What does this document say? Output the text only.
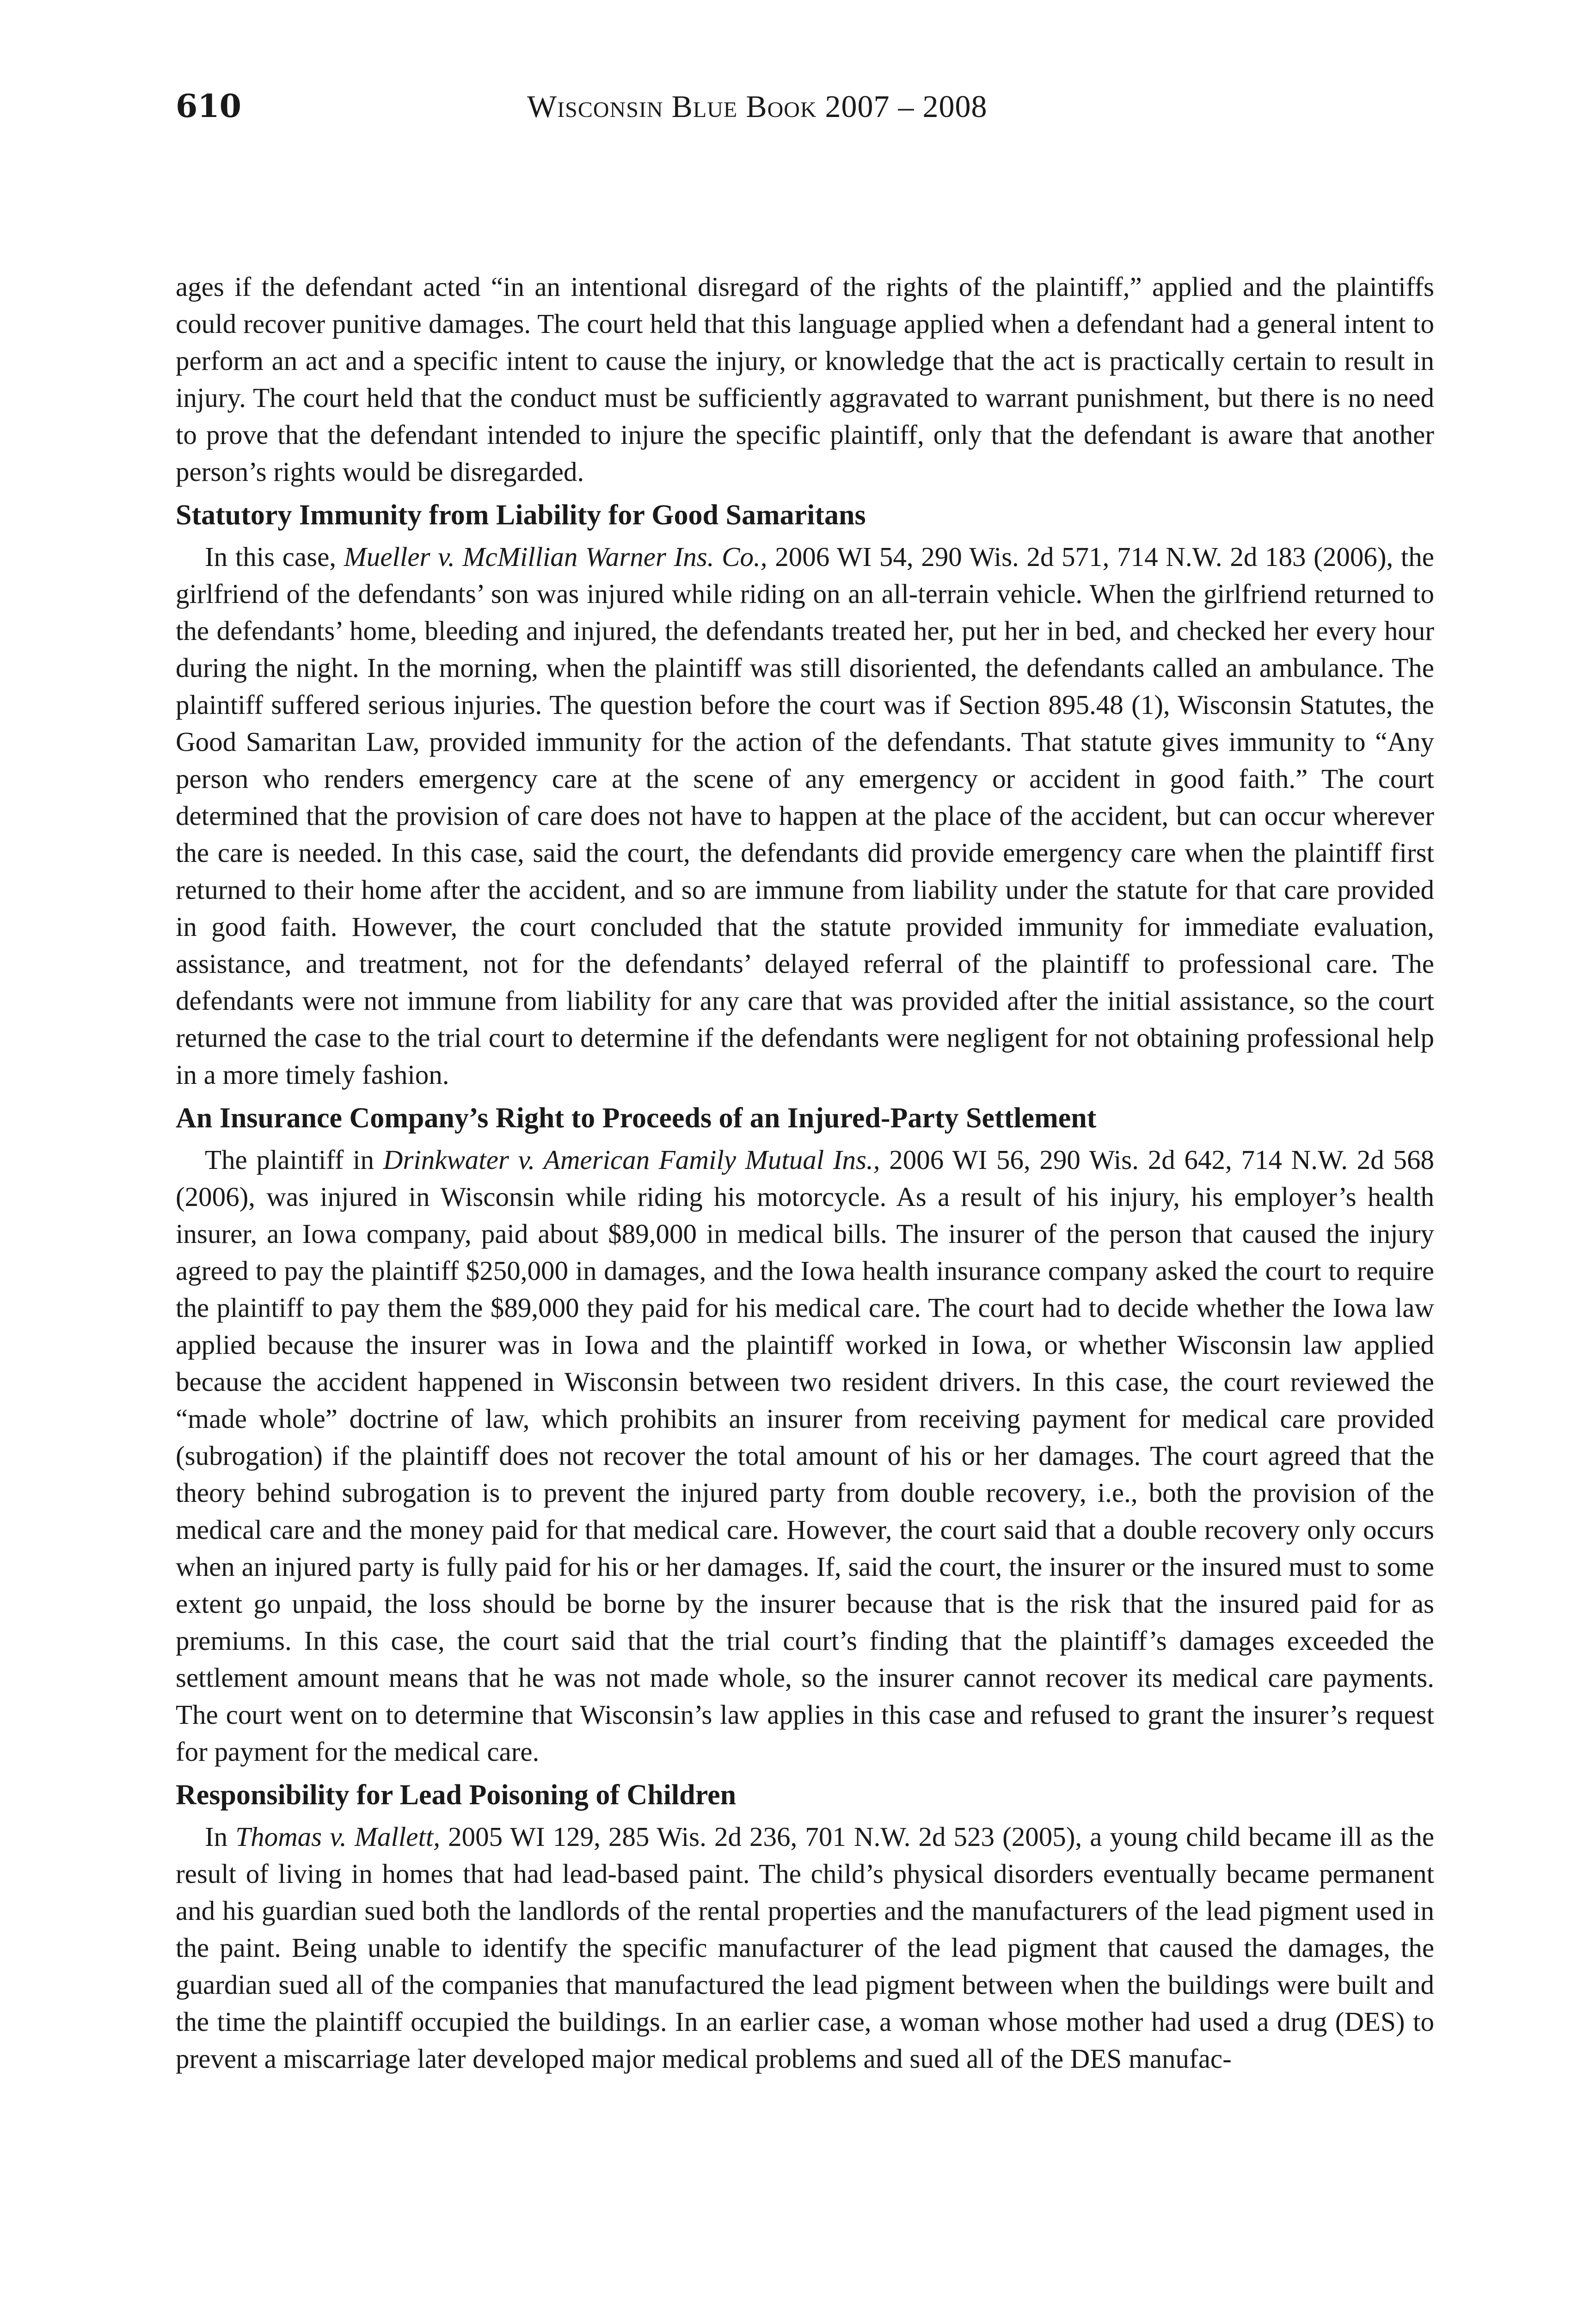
610	Wisconsin Blue Book 2007 – 2008

ages if the defendant acted “in an intentional disregard of the rights of the plaintiff,” applied and the plaintiffs could recover punitive damages. The court held that this language applied when a defendant had a general intent to perform an act and a specific intent to cause the injury, or knowledge that the act is practically certain to result in injury. The court held that the conduct must be sufficiently aggravated to warrant punishment, but there is no need to prove that the defendant intended to injure the specific plaintiff, only that the defendant is aware that another person’s rights would be disregarded.

Statutory Immunity from Liability for Good Samaritans

In this case, Mueller v. McMillian Warner Ins. Co., 2006 WI 54, 290 Wis. 2d 571, 714 N.W. 2d 183 (2006), the girlfriend of the defendants’ son was injured while riding on an all-terrain vehicle. When the girlfriend returned to the defendants’ home, bleeding and injured, the defendants treated her, put her in bed, and checked her every hour during the night. In the morning, when the plaintiff was still disoriented, the defendants called an ambulance. The plaintiff suffered serious injuries. The question before the court was if Section 895.48 (1), Wisconsin Statutes, the Good Samaritan Law, provided immunity for the action of the defendants. That statute gives immunity to “Any person who renders emergency care at the scene of any emergency or accident in good faith.” The court determined that the provision of care does not have to happen at the place of the accident, but can occur wherever the care is needed. In this case, said the court, the defendants did provide emergency care when the plaintiff first returned to their home after the accident, and so are immune from liability under the statute for that care provided in good faith. However, the court concluded that the statute provided immunity for immediate evaluation, assistance, and treatment, not for the defendants’ delayed referral of the plaintiff to professional care. The defendants were not immune from liability for any care that was provided after the initial assistance, so the court returned the case to the trial court to determine if the defendants were negligent for not obtaining professional help in a more timely fashion.

An Insurance Company’s Right to Proceeds of an Injured-Party Settlement

The plaintiff in Drinkwater v. American Family Mutual Ins., 2006 WI 56, 290 Wis. 2d 642, 714 N.W. 2d 568 (2006), was injured in Wisconsin while riding his motorcycle. As a result of his injury, his employer’s health insurer, an Iowa company, paid about $89,000 in medical bills. The insurer of the person that caused the injury agreed to pay the plaintiff $250,000 in damages, and the Iowa health insurance company asked the court to require the plaintiff to pay them the $89,000 they paid for his medical care. The court had to decide whether the Iowa law applied because the insurer was in Iowa and the plaintiff worked in Iowa, or whether Wisconsin law applied because the accident happened in Wisconsin between two resident drivers. In this case, the court reviewed the “made whole” doctrine of law, which prohibits an insurer from receiving payment for medical care provided (subrogation) if the plaintiff does not recover the total amount of his or her damages. The court agreed that the theory behind subrogation is to prevent the injured party from double recovery, i.e., both the provision of the medical care and the money paid for that medical care. However, the court said that a double recovery only occurs when an injured party is fully paid for his or her damages. If, said the court, the insurer or the insured must to some extent go unpaid, the loss should be borne by the insurer because that is the risk that the insured paid for as premiums. In this case, the court said that the trial court’s finding that the plaintiff’s damages exceeded the settlement amount means that he was not made whole, so the insurer cannot recover its medical care payments. The court went on to determine that Wisconsin’s law applies in this case and refused to grant the insurer’s request for payment for the medical care.

Responsibility for Lead Poisoning of Children

In Thomas v. Mallett, 2005 WI 129, 285 Wis. 2d 236, 701 N.W. 2d 523 (2005), a young child became ill as the result of living in homes that had lead-based paint. The child’s physical disorders eventually became permanent and his guardian sued both the landlords of the rental properties and the manufacturers of the lead pigment used in the paint. Being unable to identify the specific manufacturer of the lead pigment that caused the damages, the guardian sued all of the companies that manufactured the lead pigment between when the buildings were built and the time the plaintiff occupied the buildings. In an earlier case, a woman whose mother had used a drug (DES) to prevent a miscarriage later developed major medical problems and sued all of the DES manufac-
